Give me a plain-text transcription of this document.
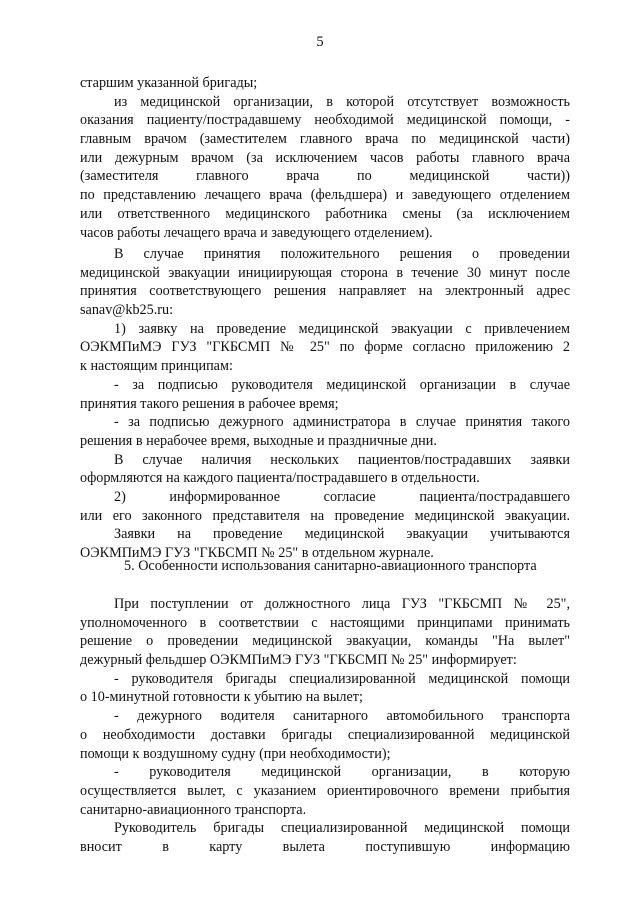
5
старшим указанной бригады;
из медицинской организации, в которой отсутствует возможность
оказания пациенту/пострадавшему необходимой медицинской помощи, -
главным врачом (заместителем главного врача по медицинской части)
или дежурным врачом (за исключением часов работы главного врача
(заместителя главного врача по медицинской части))
по представлению лечащего врача (фельдшера) и заведующего отделением
или ответственного медицинского работника смены (за исключением
часов работы лечащего врача и заведующего отделением).
В случае принятия положительного решения о проведении
медицинской эвакуации инициирующая сторона в течение 30 минут после
принятия соответствующего решения направляет на электронный адрес
sanav@kb25.ru:
1) заявку на проведение медицинской эвакуации с привлечением
ОЭКМПиМЭ ГУЗ "ГКБСМП № 25" по форме согласно приложению 2
к настоящим принципам:
- за подписью руководителя медицинской организации в случае
принятия такого решения в рабочее время;
- за подписью дежурного администратора в случае принятия такого
решения в нерабочее время, выходные и праздничные дни.
В случае наличия нескольких пациентов/пострадавших заявки
оформляются на каждого пациента/пострадавшего в отдельности.
2) информированное согласие пациента/пострадавшего
или его законного представителя на проведение медицинской эвакуации.
Заявки на проведение медицинской эвакуации учитываются
ОЭКМПиМЭ ГУЗ "ГКБСМП № 25" в отдельном журнале.
5. Особенности использования санитарно-авиационного транспорта
При поступлении от должностного лица ГУЗ "ГКБСМП № 25",
уполномоченного в соответствии с настоящими принципами принимать
решение о проведении медицинской эвакуации, команды "На вылет"
дежурный фельдшер ОЭКМПиМЭ ГУЗ "ГКБСМП № 25" информирует:
- руководителя бригады специализированной медицинской помощи
о 10-минутной готовности к убытию на вылет;
- дежурного водителя санитарного автомобильного транспорта
о необходимости доставки бригады специализированной медицинской
помощи к воздушному судну (при необходимости);
- руководителя медицинской организации, в которую
осуществляется вылет, с указанием ориентировочного времени прибытия
санитарно-авиационного транспорта.
Руководитель бригады специализированной медицинской помощи
вносит в карту вылета поступившую информацию
